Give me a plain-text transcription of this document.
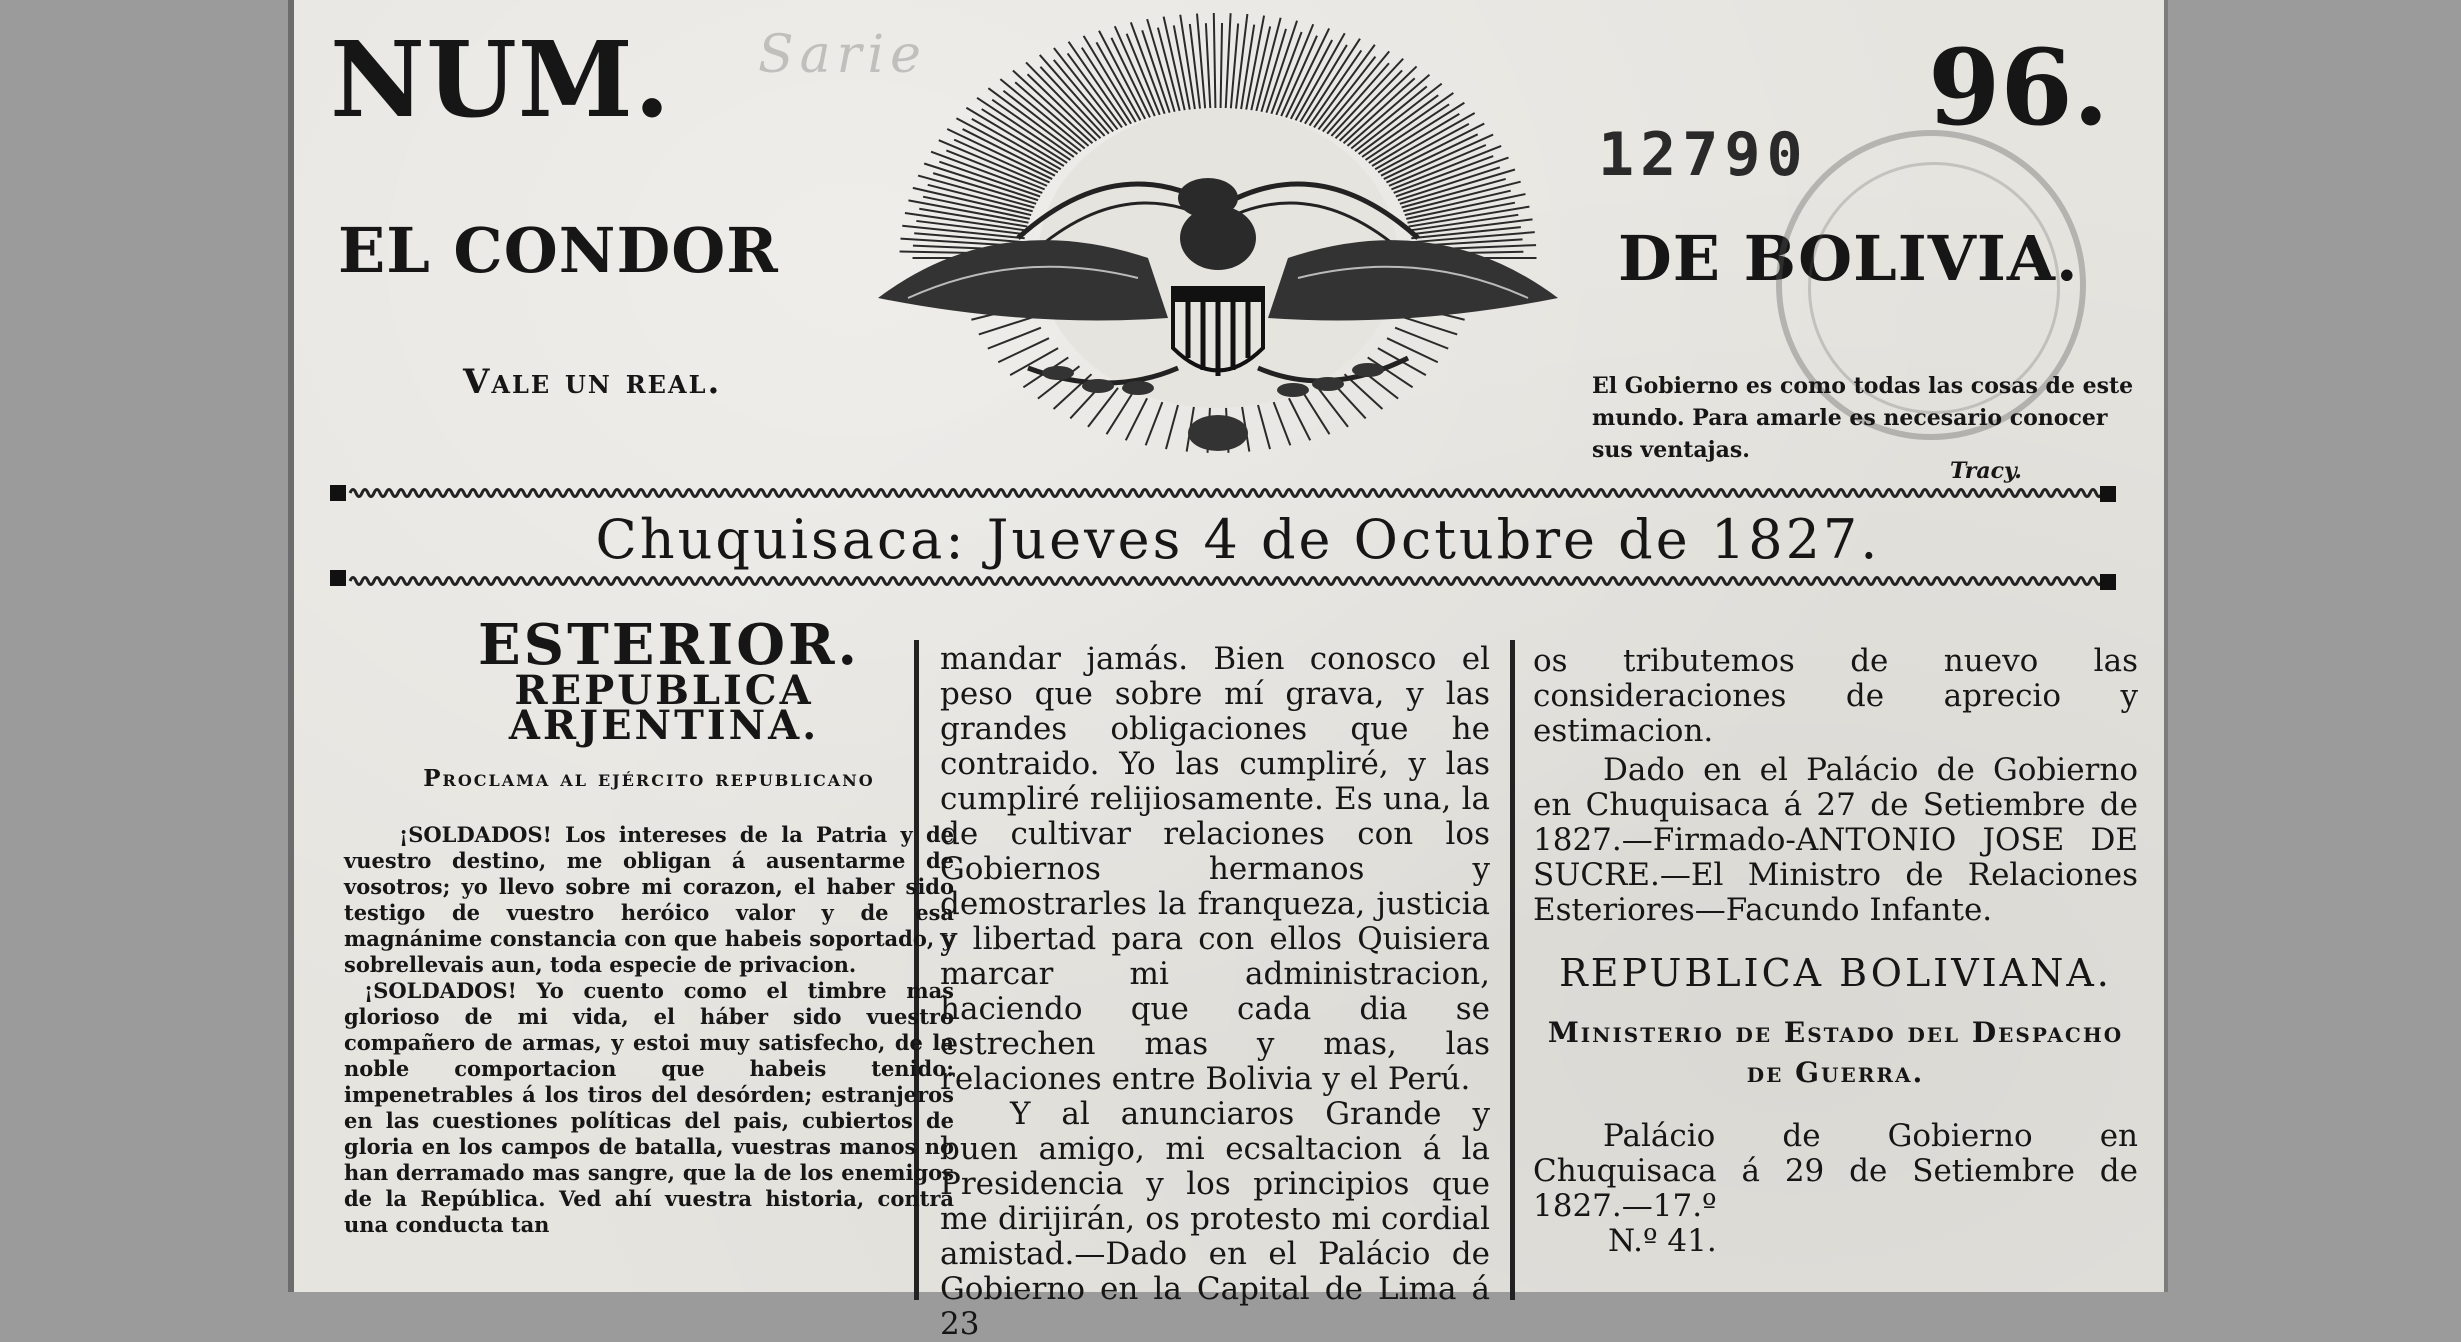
Sarie
NUM.	96.
EL CONDOR	DE BOLIVIA.
Vale un real.
12790
El Gobierno es como todas las cosas de este mundo. Para amarle es necesario conocer sus ventajas.
Tracy.
Chuquisaca: Jueves 4 de Octubre de 1827.
ESTERIOR.
REPUBLICA ARJENTINA.
Proclama al ejército republicano

¡SOLDADOS! Los intereses de la Patria y de vuestro destino, me obligan á ausentarme de vosotros; yo llevo sobre mi corazon, el haber sido testigo de vuestro heróico valor y de esa magnánime constancia con que habeis soportado, y sobrellevais aun, toda especie de privacion.

¡SOLDADOS! Yo cuento como el timbre mas glorioso de mi vida, el háber sido vuestro compañero de armas, y estoi muy satisfecho, de la noble comportacion que habeis tenido: impenetrables á los tiros del desórden; estranjeros en las cuestiones políticas del pais, cubiertos de gloria en los campos de batalla, vuestras manos no han derramado mas sangre, que la de los enemigos de la República. Ved ahí vuestra historia, contra una conducta tan

mandar jamás. Bien conosco el peso que sobre mí grava, y las grandes obligaciones que he contraido. Yo las cumpliré, y las cumpliré relijiosamente. Es una, la de cultivar relaciones con los Gobiernos hermanos y demostrarles la franqueza, justicia y libertad para con ellos Quisiera marcar mi administracion, haciendo que cada dia se estrechen mas y mas, las relaciones entre Bolivia y el Perú.

Y al anunciaros Grande y buen amigo, mi ecsaltacion á la Presidencia y los principios que me dirijirán, os protesto mi cordial amistad.—Dado en el Palácio de Gobierno en la Capital de Lima á 23

os tributemos de nuevo las consideraciones de aprecio y estimacion.

Dado en el Palácio de Gobierno en Chuquisaca á 27 de Setiembre de 1827.—Firmado-ANTONIO JOSE DE SUCRE.—El Ministro de Relaciones Esteriores—Facundo Infante.

REPUBLICA BOLIVIANA.
Ministerio de Estado del Despacho de Guerra.

Palácio de Gobierno en Chuquisaca á 29 de Setiembre de 1827.—17.º

N.º 41.
